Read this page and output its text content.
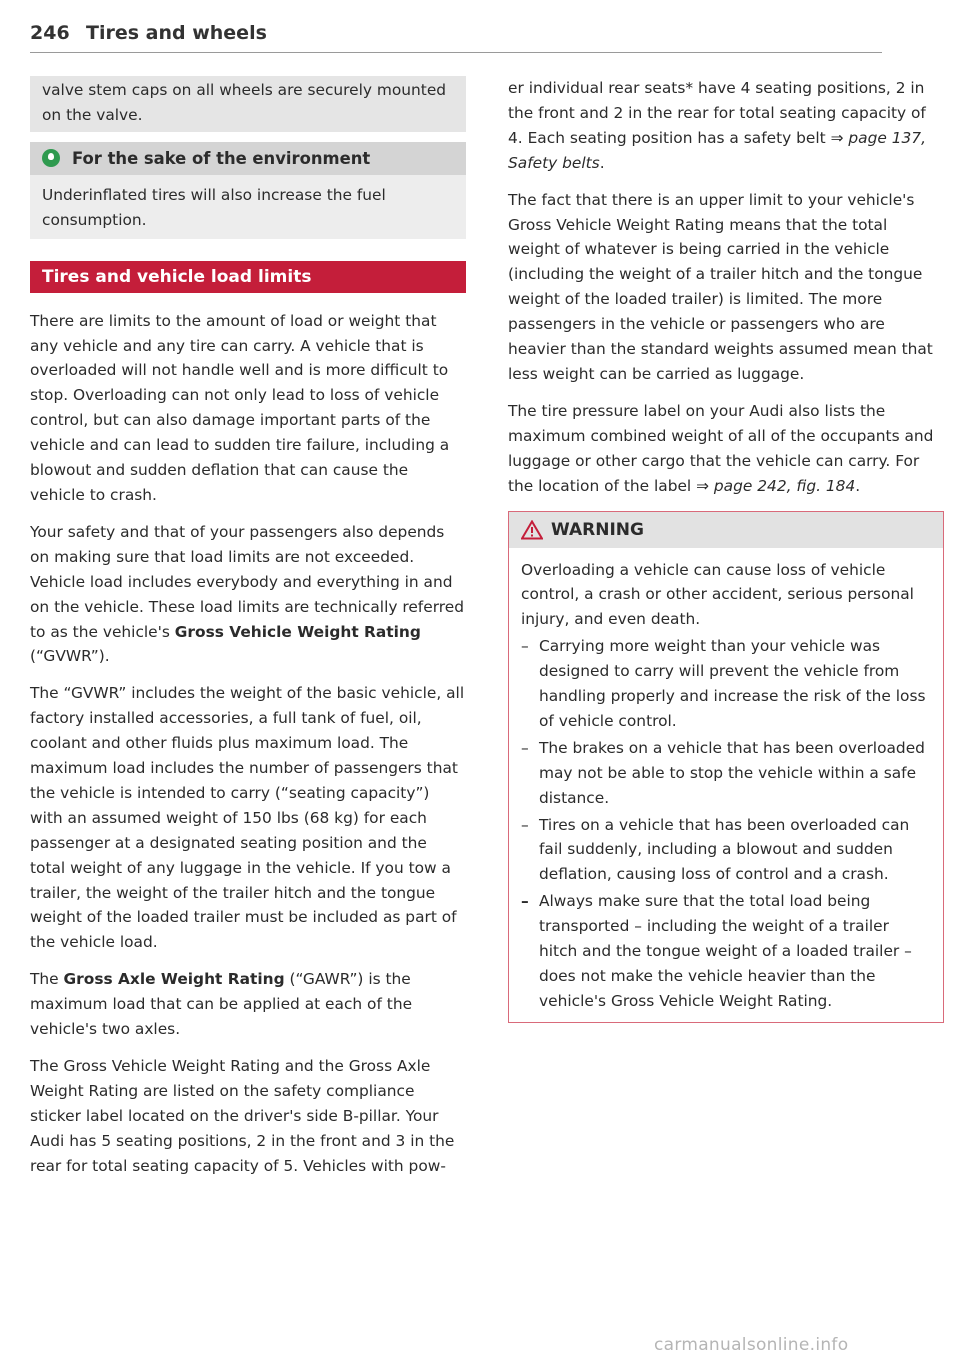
246 Tires and wheels

valve stem caps on all wheels are securely mounted on the valve.

For the sake of the environment

Underinflated tires will also increase the fuel consumption.

Tires and vehicle load limits

There are limits to the amount of load or weight that any vehicle and any tire can carry. A vehicle that is overloaded will not handle well and is more difficult to stop. Overloading can not only lead to loss of vehicle control, but can also damage important parts of the vehicle and can lead to sudden tire failure, including a blowout and sudden deflation that can cause the vehicle to crash.

Your safety and that of your passengers also depends on making sure that load limits are not exceeded. Vehicle load includes everybody and everything in and on the vehicle. These load limits are technically referred to as the vehicle's Gross Vehicle Weight Rating (“GVWR”).

The “GVWR” includes the weight of the basic vehicle, all factory installed accessories, a full tank of fuel, oil, coolant and other fluids plus maximum load. The maximum load includes the number of passengers that the vehicle is intended to carry (“seating capacity”) with an assumed weight of 150 lbs (68 kg) for each passenger at a designated seating position and the total weight of any luggage in the vehicle. If you tow a trailer, the weight of the trailer hitch and the tongue weight of the loaded trailer must be included as part of the vehicle load.

The Gross Axle Weight Rating (“GAWR”) is the maximum load that can be applied at each of the vehicle's two axles.

The Gross Vehicle Weight Rating and the Gross Axle Weight Rating are listed on the safety compliance sticker label located on the driver's side B-pillar. Your Audi has 5 seating positions, 2 in the front and 3 in the rear for total seating capacity of 5. Vehicles with pow-

er individual rear seats* have 4 seating positions, 2 in the front and 2 in the rear for total seating capacity of 4. Each seating position has a safety belt ⇒ page 137, Safety belts.

The fact that there is an upper limit to your vehicle's Gross Vehicle Weight Rating means that the total weight of whatever is being carried in the vehicle (including the weight of a trailer hitch and the tongue weight of the loaded trailer) is limited. The more passengers in the vehicle or passengers who are heavier than the standard weights assumed mean that less weight can be carried as luggage.

The tire pressure label on your Audi also lists the maximum combined weight of all of the occupants and luggage or other cargo that the vehicle can carry. For the location of the label ⇒ page 242, fig. 184.

WARNING

Overloading a vehicle can cause loss of vehicle control, a crash or other accident, serious personal injury, and even death.

– Carrying more weight than your vehicle was designed to carry will prevent the vehicle from handling properly and increase the risk of the loss of vehicle control.
– The brakes on a vehicle that has been overloaded may not be able to stop the vehicle within a safe distance.
– Tires on a vehicle that has been overloaded can fail suddenly, including a blowout and sudden deflation, causing loss of control and a crash.
– Always make sure that the total load being transported – including the weight of a trailer hitch and the tongue weight of a loaded trailer – does not make the vehicle heavier than the vehicle's Gross Vehicle Weight Rating.
carmanualsonline.info
